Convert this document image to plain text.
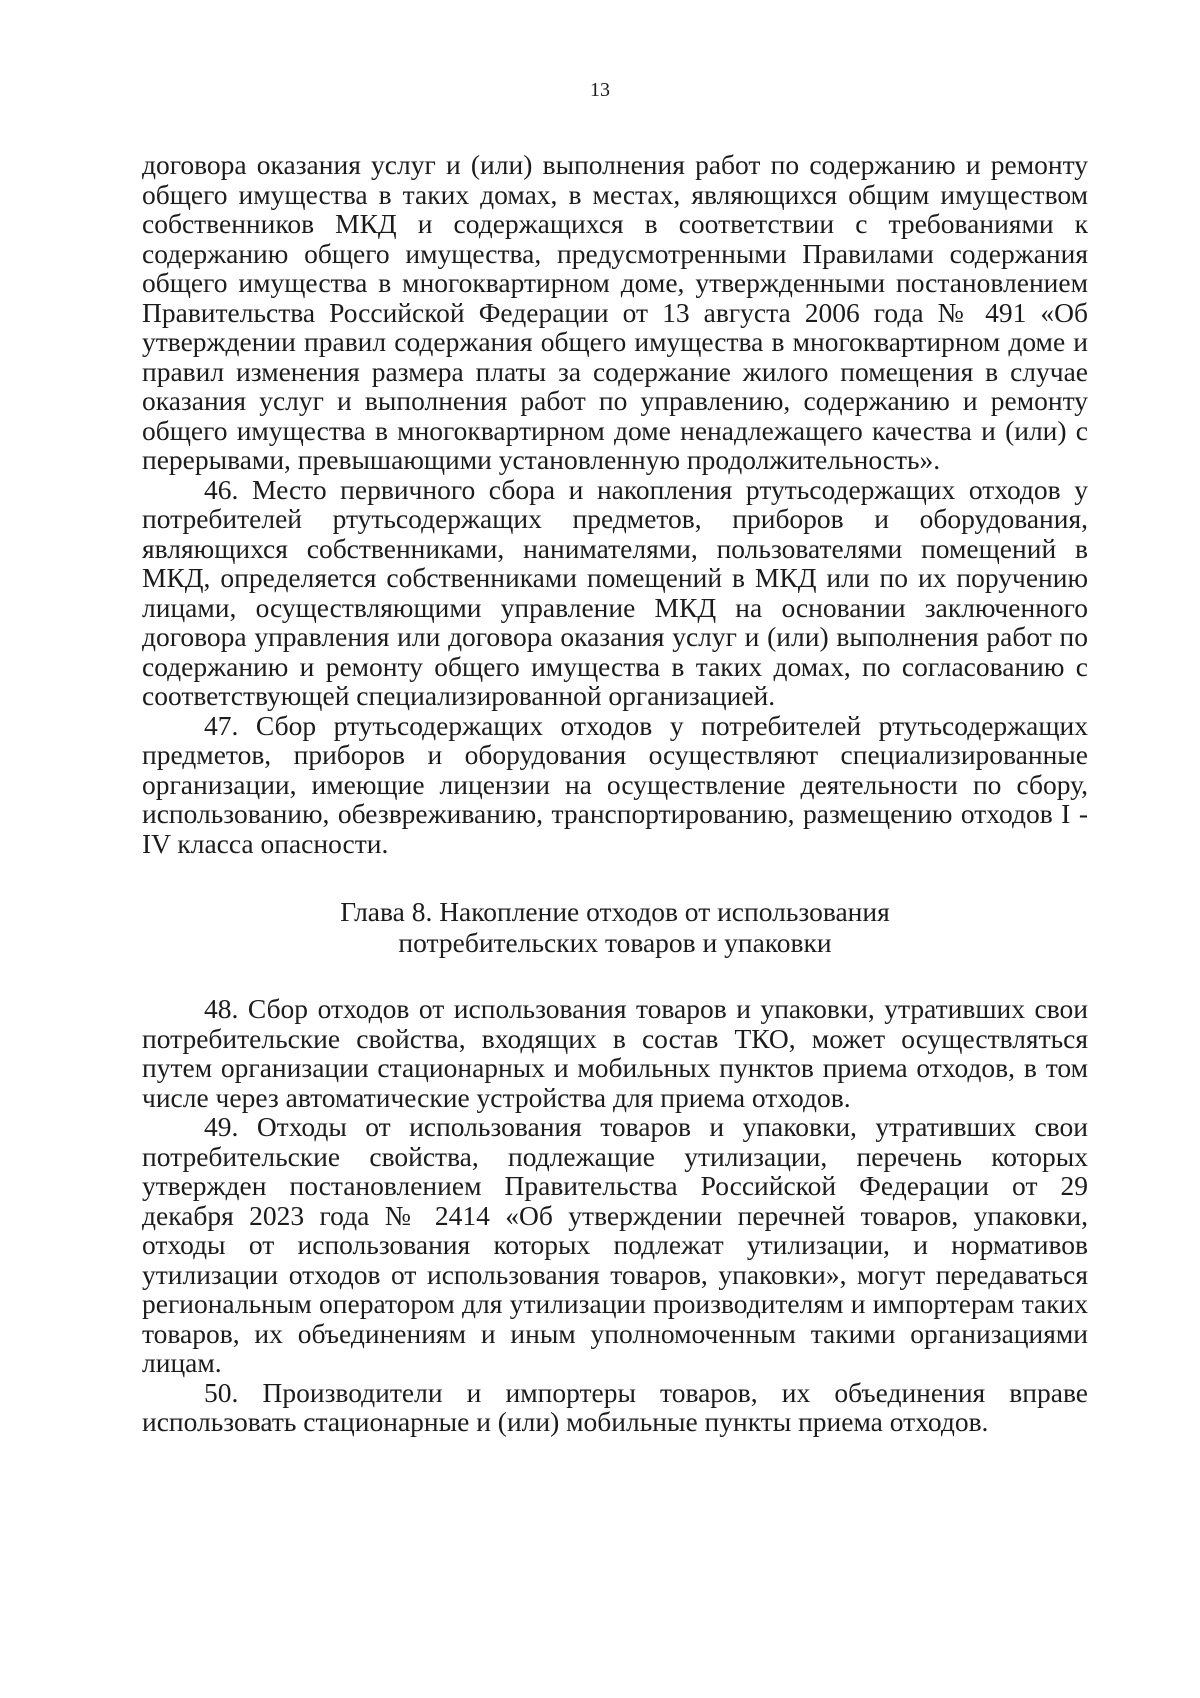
13

договора оказания услуг и (или) выполнения работ по содержанию и ремонту общего имущества в таких домах, в местах, являющихся общим имуществом собственников МКД и содержащихся в соответствии с требованиями к содержанию общего имущества, предусмотренными Правилами содержания общего имущества в многоквартирном доме, утвержденными постановлением Правительства Российской Федерации от 13 августа 2006 года № 491 «Об утверждении правил содержания общего имущества в многоквартирном доме и правил изменения размера платы за содержание жилого помещения в случае оказания услуг и выполнения работ по управлению, содержанию и ремонту общего имущества в многоквартирном доме ненадлежащего качества и (или) с перерывами, превышающими установленную продолжительность».

46. Место первичного сбора и накопления ртутьсодержащих отходов у потребителей ртутьсодержащих предметов, приборов и оборудования, являющихся собственниками, нанимателями, пользователями помещений в МКД, определяется собственниками помещений в МКД или по их поручению лицами, осуществляющими управление МКД на основании заключенного договора управления или договора оказания услуг и (или) выполнения работ по содержанию и ремонту общего имущества в таких домах, по согласованию с соответствующей специализированной организацией.

47. Сбор ртутьсодержащих отходов у потребителей ртутьсодержащих предметов, приборов и оборудования осуществляют специализированные организации, имеющие лицензии на осуществление деятельности по сбору, использованию, обезвреживанию, транспортированию, размещению отходов I - IV класса опасности.

Глава 8. Накопление отходов от использования
потребительских товаров и упаковки

48. Сбор отходов от использования товаров и упаковки, утративших свои потребительские свойства, входящих в состав ТКО, может осуществляться путем организации стационарных и мобильных пунктов приема отходов, в том числе через автоматические устройства для приема отходов.

49. Отходы от использования товаров и упаковки, утративших свои потребительские свойства, подлежащие утилизации, перечень которых утвержден постановлением Правительства Российской Федерации от 29 декабря 2023 года № 2414 «Об утверждении перечней товаров, упаковки, отходы от использования которых подлежат утилизации, и нормативов утилизации отходов от использования товаров, упаковки», могут передаваться региональным оператором для утилизации производителям и импортерам таких товаров, их объединениям и иным уполномоченным такими организациями лицам.

50. Производители и импортеры товаров, их объединения вправе использовать стационарные и (или) мобильные пункты приема отходов.
